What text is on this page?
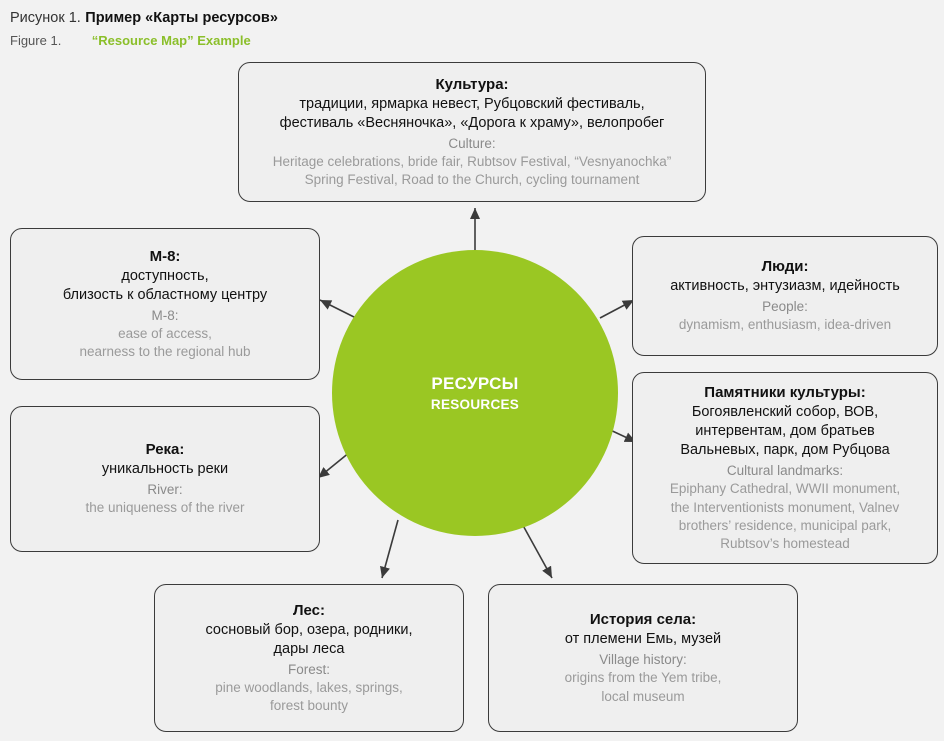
Рисунок 1. Пример «Карты ресурсов»
Figure 1. “Resource Map” Example
РЕСУРСЫ
RESOURCES
Культура:
традиции, ярмарка невест, Рубцовский фестиваль,
фестиваль «Весняночка», «Дорога к храму», велопробег
Culture:
Heritage celebrations, bride fair, Rubtsov Festival, “Vesnyanochka”
Spring Festival, Road to the Church, cycling tournament
М-8:
доступность,
близость к областному центру
M-8:
ease of access,
nearness to the regional hub
Река:
уникальность реки
River:
the uniqueness of the river
Люди:
активность, энтузиазм, идейность
People:
dynamism, enthusiasm, idea-driven
Памятники культуры:
Богоявленский собор, ВОВ,
интервентам, дом братьев
Вальневых, парк, дом Рубцова
Cultural landmarks:
Epiphany Cathedral, WWII monument,
the Interventionists monument, Valnev
brothers’ residence, municipal park,
Rubtsov’s homestead
Лес:
сосновый бор, озера, родники,
дары леса
Forest:
pine woodlands, lakes, springs,
forest bounty
История села:
от племени Емь, музей
Village history:
origins from the Yem tribe,
local museum
